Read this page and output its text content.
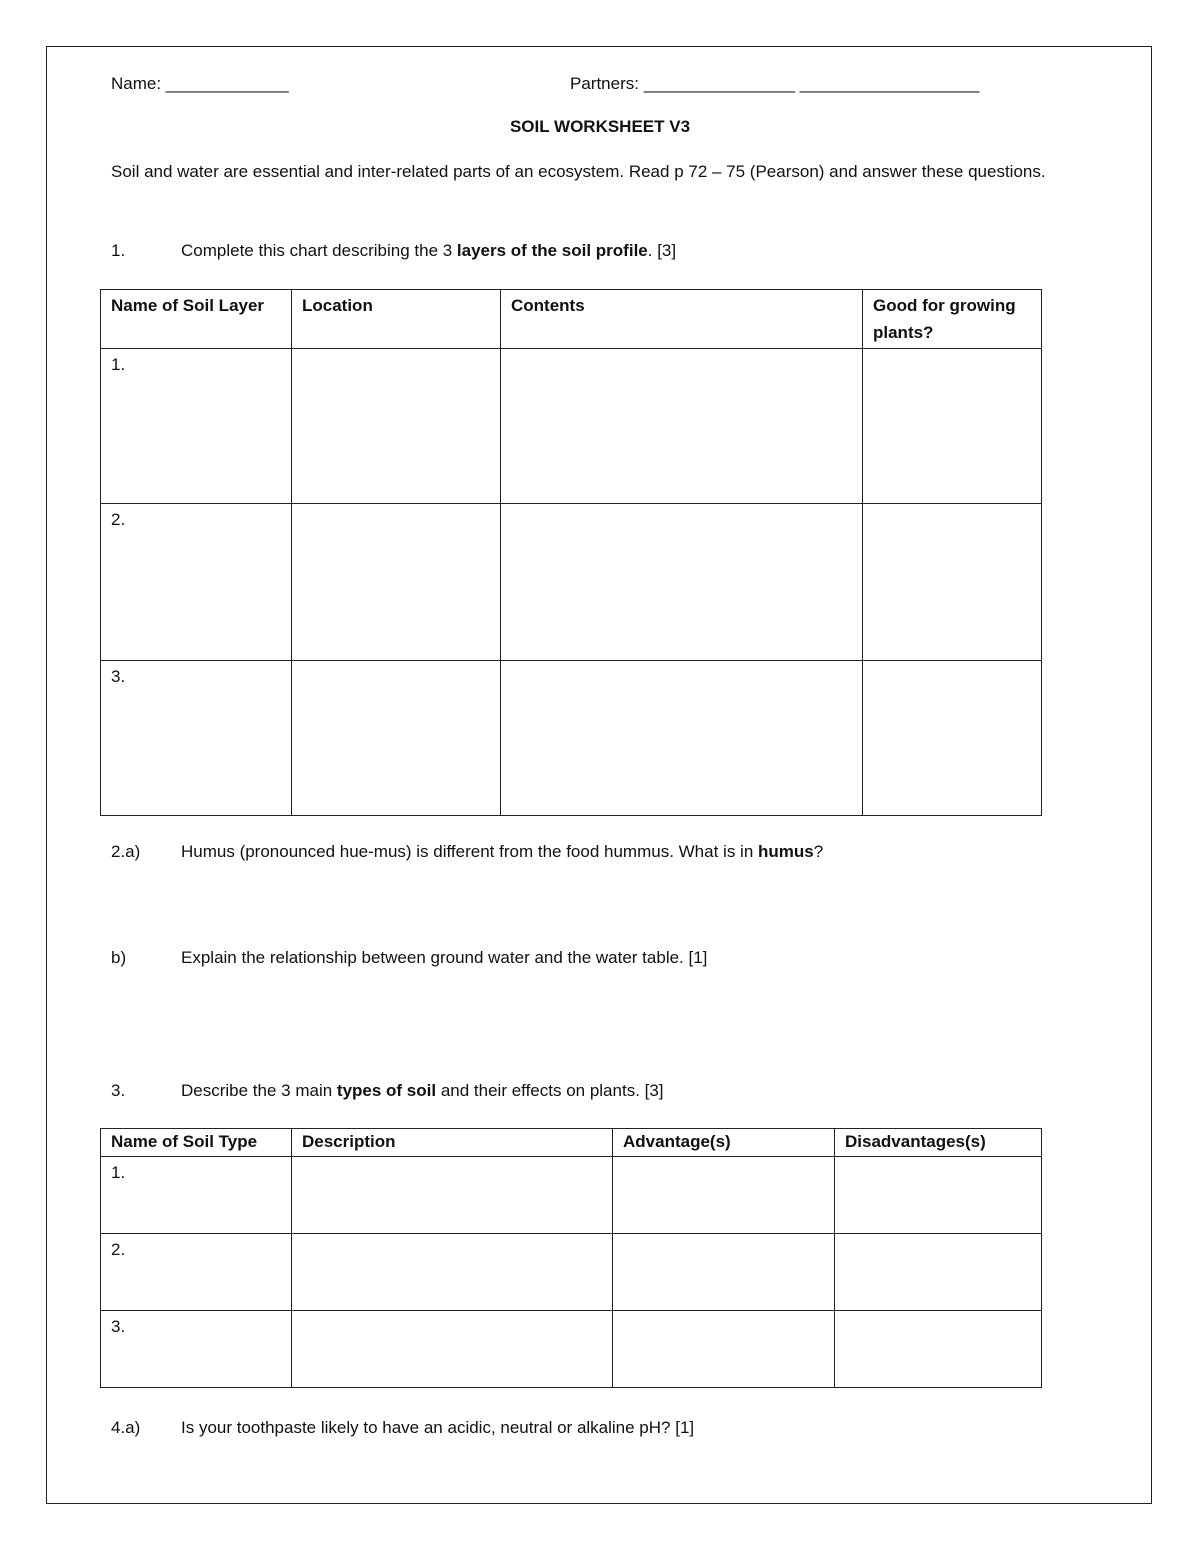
Name: _____________	Partners: ________________ ___________________
SOIL WORKSHEET V3
Soil and water are essential and inter-related parts of an ecosystem. Read p 72 – 75 (Pearson) and answer these questions.
1.	Complete this chart describing the 3 layers of the soil profile. [3]
Name of Soil Layer	Location	Contents	Good for growing plants?
1.			
2.			
3.			
2.a) Humus (pronounced hue-mus) is different from the food hummus. What is in humus?
b)	Explain the relationship between ground water and the water table. [1]
3.	Describe the 3 main types of soil and their effects on plants. [3]
Name of Soil Type	Description	Advantage(s)	Disadvantages(s)
1.			
2.			
3.			
4.a) Is your toothpaste likely to have an acidic, neutral or alkaline pH? [1]
